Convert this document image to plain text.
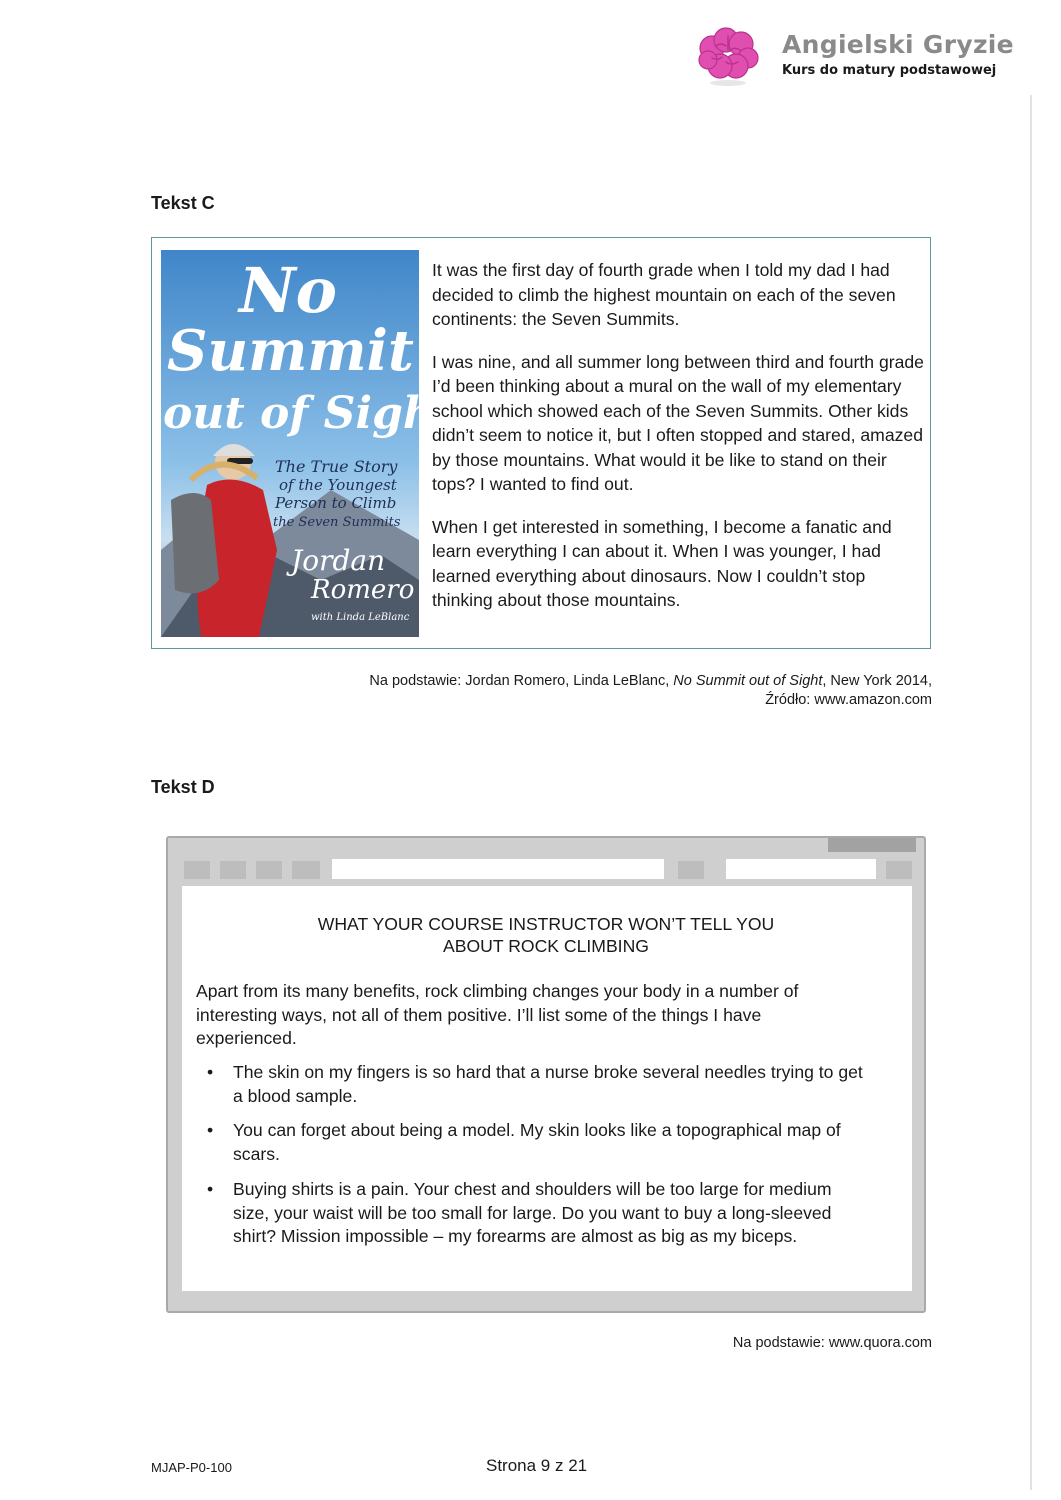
Angielski Gryzie
Kurs do matury podstawowej
Tekst C
No
Summit
out of Sight
The True Story
of the Youngest
Person to Climb
the Seven Summits
Jordan
Romero
with Linda LeBlanc

It was the first day of fourth grade when I told my dad I had decided to climb the highest mountain on each of the seven continents: the Seven Summits.

I was nine, and all summer long between third and fourth grade I’d been thinking about a mural on the wall of my elementary school which showed each of the Seven Summits. Other kids didn’t seem to notice it, but I often stopped and stared, amazed by those mountains. What would it be like to stand on their tops? I wanted to find out.

When I get interested in something, I become a fanatic and learn everything I can about it. When I was younger, I had learned everything about dinosaurs. Now I couldn’t stop thinking about those mountains.

Na podstawie: Jordan Romero, Linda LeBlanc, No Summit out of Sight, New York 2014,
Źródło: www.amazon.com
Tekst D
WHAT YOUR COURSE INSTRUCTOR WON’T TELL YOU
ABOUT ROCK CLIMBING
Apart from its many benefits, rock climbing changes your body in a number of interesting ways, not all of them positive. I’ll list some of the things I have experienced.
• The skin on my fingers is so hard that a nurse broke several needles trying to get a blood sample.
• You can forget about being a model. My skin looks like a topographical map of scars.
• Buying shirts is a pain. Your chest and shoulders will be too large for medium size, your waist will be too small for large. Do you want to buy a long-sleeved shirt? Mission impossible – my forearms are almost as big as my biceps.
Na podstawie: www.quora.com
MJAP-P0-100	Strona 9 z 21
